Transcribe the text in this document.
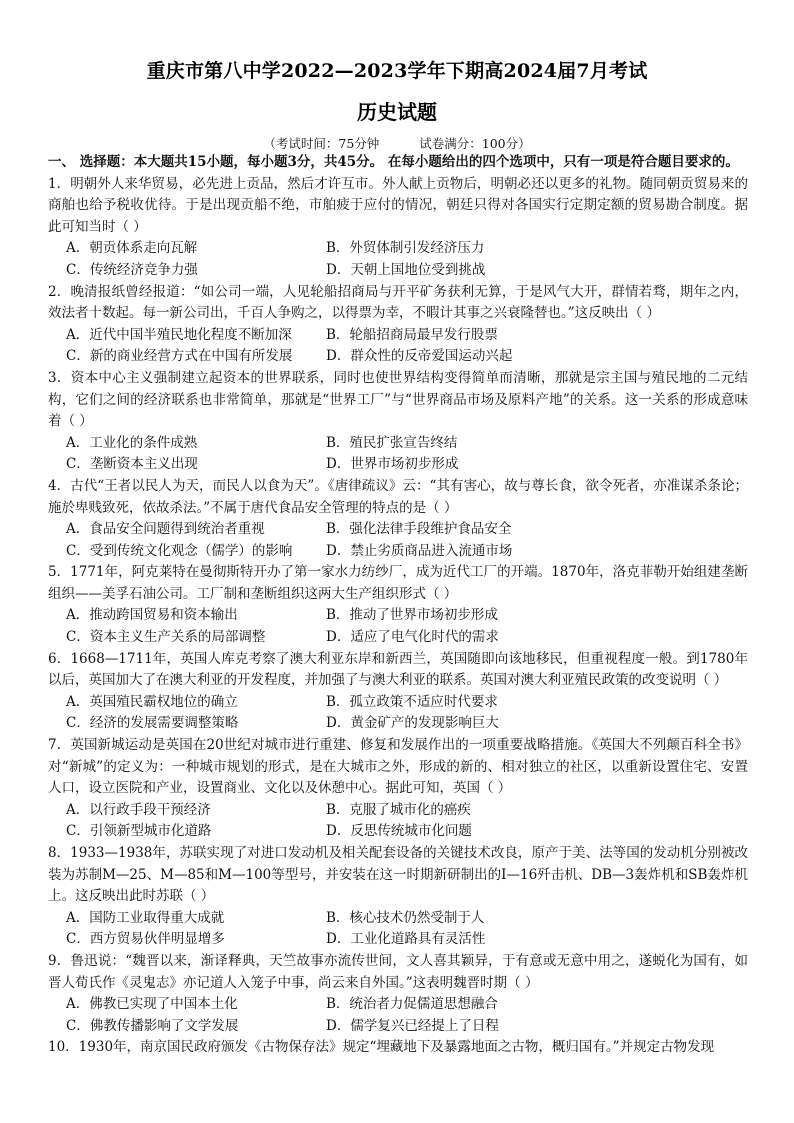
重庆市第八中学2022—2023学年下期高2024届7月考试
历史试题
（考试时间：75分钟	试卷满分：100分）

一、 选择题：本大题共15小题，每小题3分，共45分。 在每小题给出的四个选项中，只有一项是符合题目要求的。

1．明朝外人来华贸易，必先进上贡品，然后才许互市。外人献上贡物后，明朝必还以更多的礼物。随同朝贡贸易来的商舶也给予税收优待。于是出现贡船不绝，市舶疲于应付的情况，朝廷只得对各国实行定期定额的贸易勘合制度。据此可知当时（ ）

A．朝贡体系走向瓦解	B．外贸体制引发经济压力
C．传统经济竞争力强	D．天朝上国地位受到挑战

2．晚清报纸曾经报道：“如公司一端，人见轮船招商局与开平矿务获利无算，于是风气大开，群情若骛，期年之内，效法者十数起。每一新公司出，千百人争购之，以得票为幸，不暇计其事之兴衰隆替也。”这反映出（ ）

A．近代中国半殖民地化程度不断加深	B．轮船招商局最早发行股票
C．新的商业经营方式在中国有所发展	D．群众性的反帝爱国运动兴起

3．资本中心主义强制建立起资本的世界联系，同时也使世界结构变得简单而清晰，那就是宗主国与殖民地的二元结构，它们之间的经济联系也非常简单，那就是“世界工厂”与“世界商品市场及原料产地”的关系。这一关系的形成意味着（ ）

A．工业化的条件成熟	B．殖民扩张宣告终结
C．垄断资本主义出现	D．世界市场初步形成

4．古代“王者以民人为天，而民人以食为天”。《唐律疏议》云：“其有害心，故与尊长食，欲令死者，亦准谋杀条论；施於卑贱致死，依故杀法。”不属于唐代食品安全管理的特点的是（ ）

A．食品安全问题得到统治者重视	B．强化法律手段维护食品安全
C．受到传统文化观念（儒学）的影响	D．禁止劣质商品进入流通市场

5．1771年，阿克莱特在曼彻斯特开办了第一家水力纺纱厂，成为近代工厂的开端。1870年，洛克菲勒开始组建垄断组织——美孚石油公司。工厂制和垄断组织这两大生产组织形式（ ）

A．推动跨国贸易和资本输出	B．推动了世界市场初步形成
C．资本主义生产关系的局部调整	D．适应了电气化时代的需求

6．1668—1711年，英国人库克考察了澳大利亚东岸和新西兰，英国随即向该地移民，但重视程度一般。到1780年以后，英国加大了在澳大利亚的开发程度，并加强了与澳大利亚的联系。英国对澳大利亚殖民政策的改变说明（ ）

A．英国殖民霸权地位的确立	B．孤立政策不适应时代要求
C．经济的发展需要调整策略	D．黄金矿产的发现影响巨大

7．英国新城运动是英国在20世纪对城市进行重建、修复和发展作出的一项重要战略措施。《英国大不列颠百科全书》对“新城”的定义为：一种城市规划的形式，是在大城市之外，形成的新的、相对独立的社区，以重新设置住宅、安置人口，设立医院和产业，设置商业、文化以及休憩中心。据此可知，英国（ ）

A．以行政手段干预经济	B．克服了城市化的癌疾
C．引领新型城市化道路	D．反思传统城市化问题

8．1933—1938年，苏联实现了对进口发动机及相关配套设备的关键技术改良，原产于美、法等国的发动机分别被改装为苏制M—25、M—85和M—100等型号，并安装在这一时期新研制出的I—16歼击机、DB—3轰炸机和SB轰炸机上。这反映出此时苏联（ ）

A．国防工业取得重大成就	B．核心技术仍然受制于人
C．西方贸易伙伴明显增多	D．工业化道路具有灵活性

9．鲁迅说：“魏晋以来，渐译释典，天竺故事亦流传世间，文人喜其颖异，于有意或无意中用之，遂蜕化为国有，如晋人荀氏作《灵鬼志》亦记道人入笼子中事，尚云来自外国。”这表明魏晋时期（ ）

A．佛教已实现了中国本土化	B．统治者力促儒道思想融合
C．佛教传播影响了文学发展	D．儒学复兴已经提上了日程

10．1930年，南京国民政府颁发《古物保存法》规定“埋藏地下及暴露地面之古物，概归国有。”并规定古物发现
